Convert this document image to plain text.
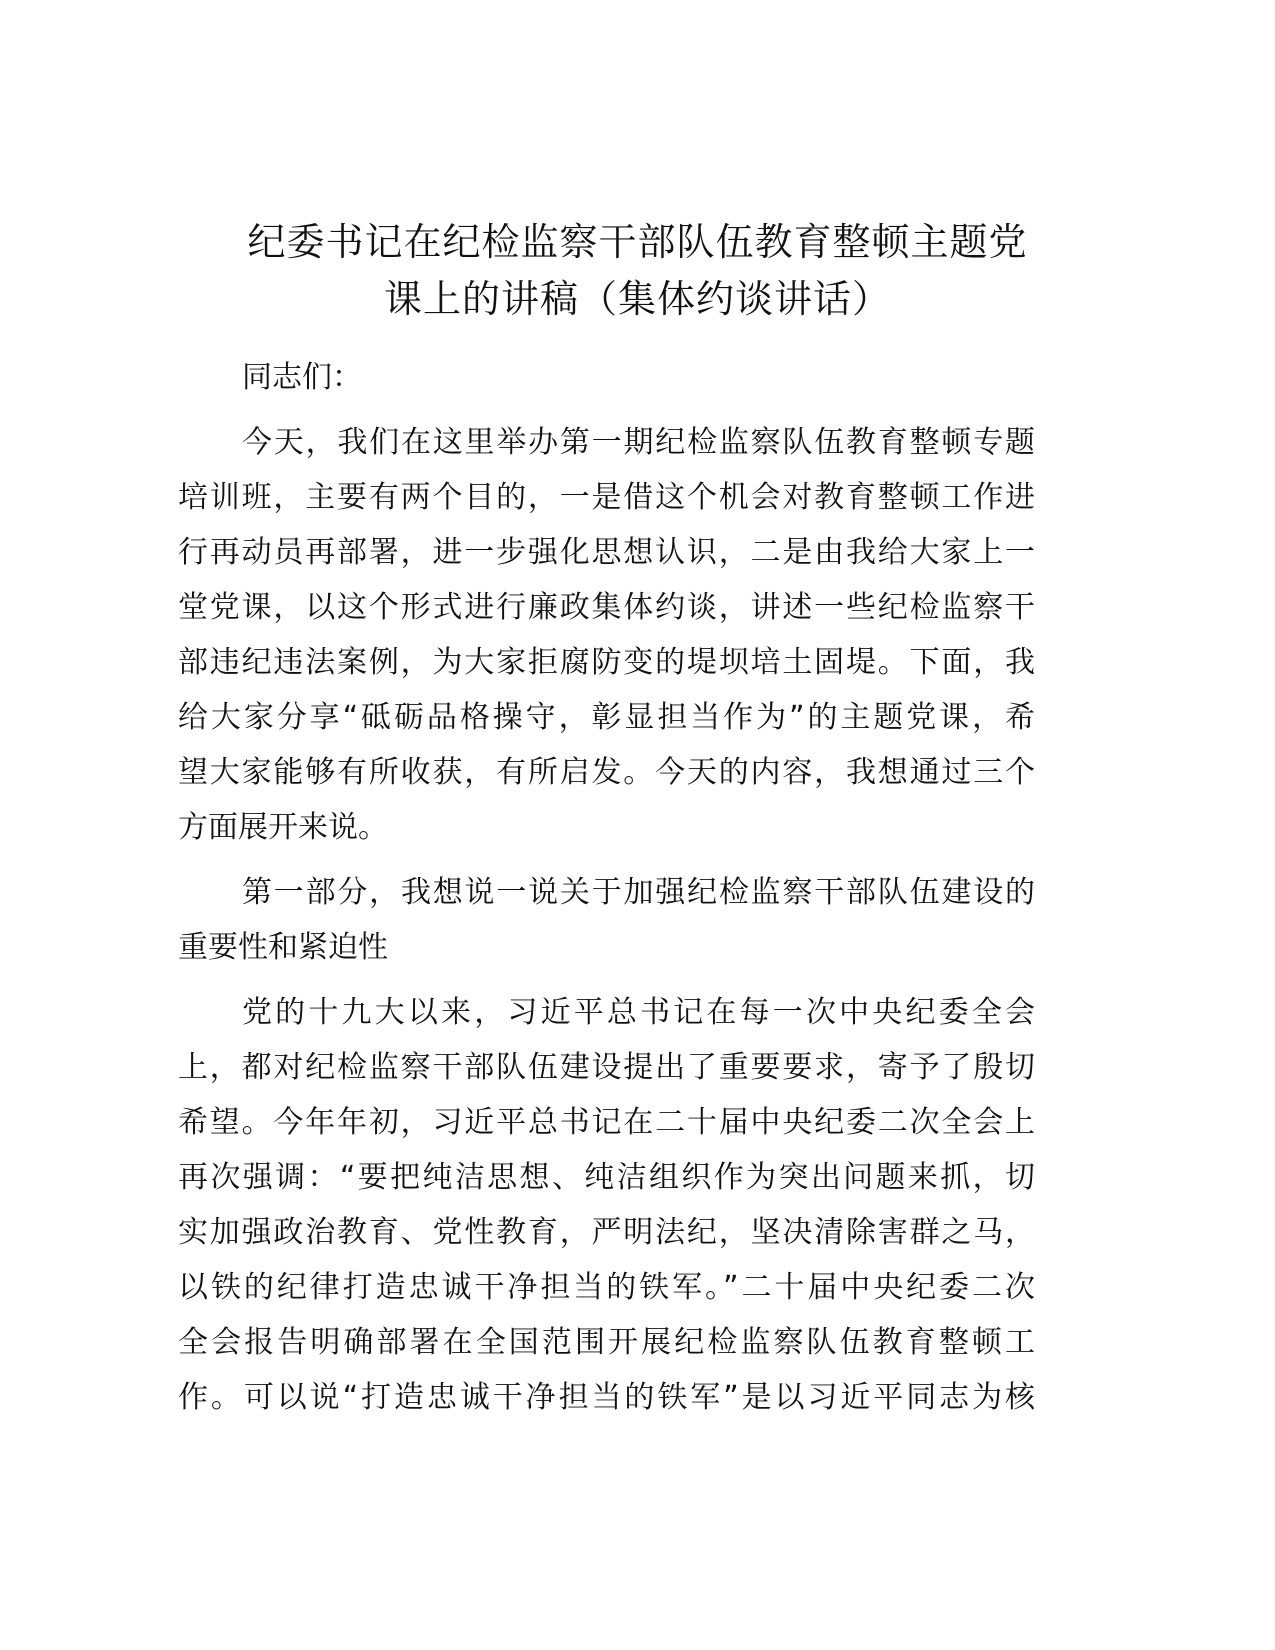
纪委书记在纪检监察干部队伍教育整顿主题党
课上的讲稿（集体约谈讲话）
同志们：
今天，我们在这里举办第一期纪检监察队伍教育整顿专题
培训班，主要有两个目的，一是借这个机会对教育整顿工作进
行再动员再部署，进一步强化思想认识，二是由我给大家上一
堂党课，以这个形式进行廉政集体约谈，讲述一些纪检监察干
部违纪违法案例，为大家拒腐防变的堤坝培土固堤。下面，我
给大家分享“砥砺品格操守，彰显担当作为”的主题党课，希
望大家能够有所收获，有所启发。今天的内容，我想通过三个
方面展开来说。
第一部分，我想说一说关于加强纪检监察干部队伍建设的
重要性和紧迫性
党的十九大以来，习近平总书记在每一次中央纪委全会
上，都对纪检监察干部队伍建设提出了重要要求，寄予了殷切
希望。今年年初，习近平总书记在二十届中央纪委二次全会上
再次强调：“要把纯洁思想、纯洁组织作为突出问题来抓，切
实加强政治教育、党性教育，严明法纪，坚决清除害群之马，
以铁的纪律打造忠诚干净担当的铁军。”二十届中央纪委二次
全会报告明确部署在全国范围开展纪检监察队伍教育整顿工
作。可以说“打造忠诚干净担当的铁军”是以习近平同志为核
